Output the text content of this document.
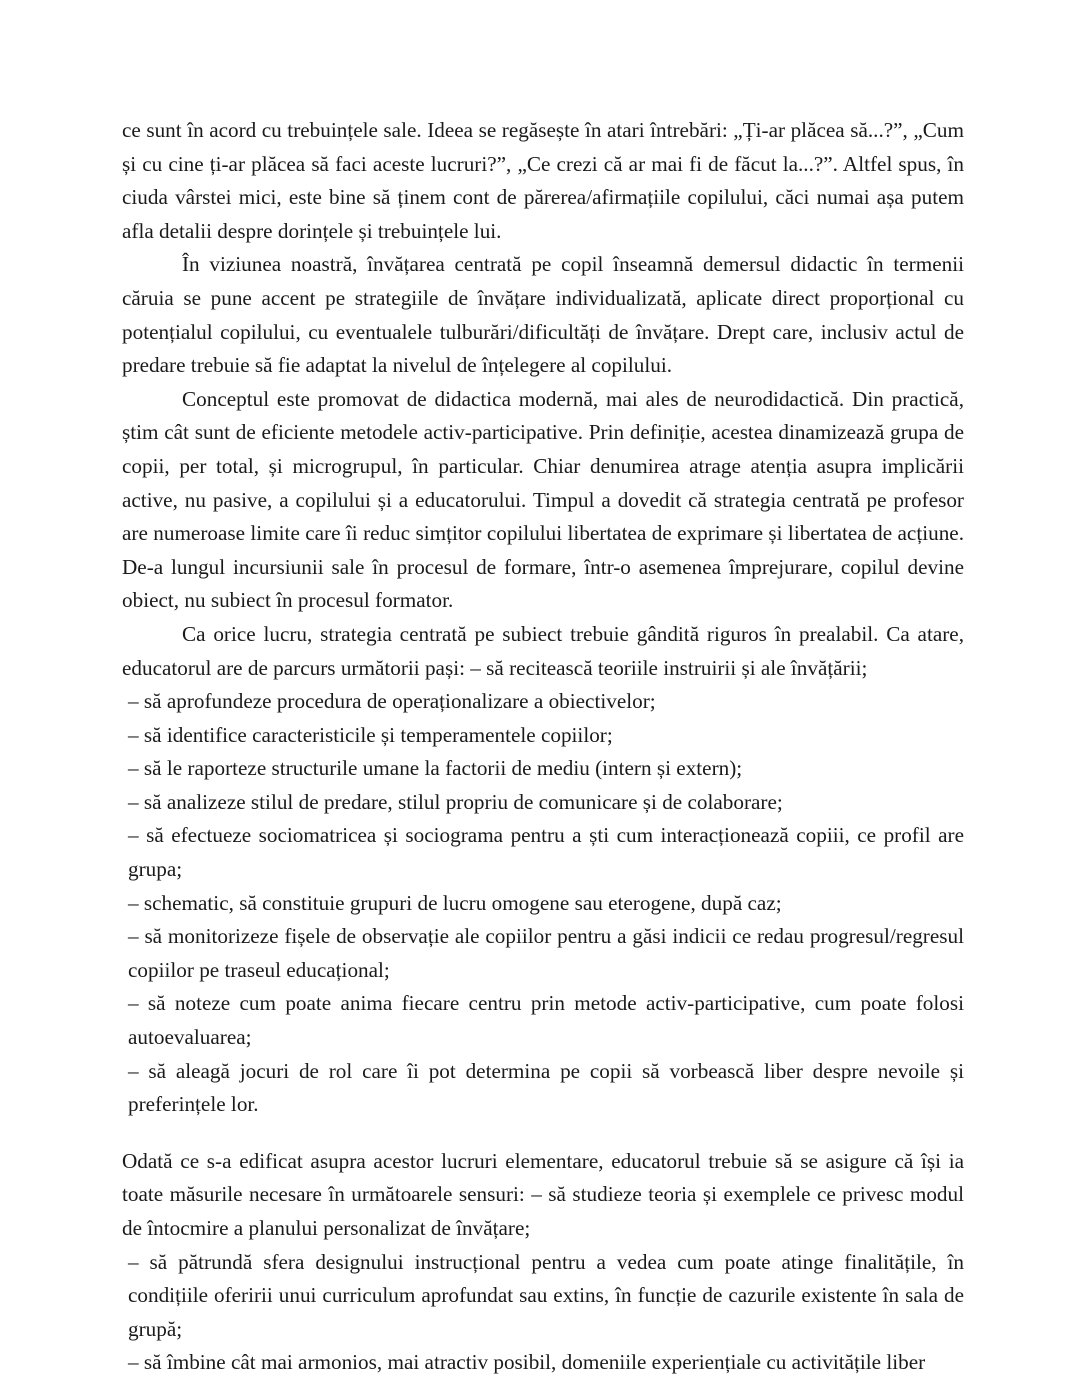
ce sunt în acord cu trebuințele sale. Ideea se regăsește în atari întrebări: „Ți-ar plăcea să...?”, „Cum și cu cine ți-ar plăcea să faci aceste lucruri?”, „Ce crezi că ar mai fi de făcut la...?”. Altfel spus, în ciuda vârstei mici, este bine să ținem cont de părerea/afirmațiile copilului, căci numai așa putem afla detalii despre dorințele și trebuințele lui.

În viziunea noastră, învățarea centrată pe copil înseamnă demersul didactic în termenii căruia se pune accent pe strategiile de învățare individualizată, aplicate direct proporțional cu potențialul copilului, cu eventualele tulburări/dificultăți de învățare. Drept care, inclusiv actul de predare trebuie să fie adaptat la nivelul de înțelegere al copilului.

Conceptul este promovat de didactica modernă, mai ales de neurodidactică. Din practică, știm cât sunt de eficiente metodele activ-participative. Prin definiție, acestea dinamizează grupa de copii, per total, și microgrupul, în particular. Chiar denumirea atrage atenția asupra implicării active, nu pasive, a copilului și a educatorului. Timpul a dovedit că strategia centrată pe profesor are numeroase limite care îi reduc simțitor copilului libertatea de exprimare și libertatea de acțiune. De-a lungul incursiunii sale în procesul de formare, într-o asemenea împrejurare, copilul devine obiect, nu subiect în procesul formator.

Ca orice lucru, strategia centrată pe subiect trebuie gândită riguros în prealabil. Ca atare, educatorul are de parcurs următorii pași: – să recitească teoriile instruirii și ale învățării;

– să aprofundeze procedura de operaționalizare a obiectivelor;

– să identifice caracteristicile și temperamentele copiilor;

– să le raporteze structurile umane la factorii de mediu (intern și extern);

– să analizeze stilul de predare, stilul propriu de comunicare și de colaborare;

– să efectueze sociomatricea și sociograma pentru a ști cum interacționează copiii, ce profil are grupa;

– schematic, să constituie grupuri de lucru omogene sau eterogene, după caz;

– să monitorizeze fișele de observație ale copiilor pentru a găsi indicii ce redau progresul/regresul copiilor pe traseul educațional;

– să noteze cum poate anima fiecare centru prin metode activ-participative, cum poate folosi autoevaluarea;

– să aleagă jocuri de rol care îi pot determina pe copii să vorbească liber despre nevoile și preferințele lor.

Odată ce s-a edificat asupra acestor lucruri elementare, educatorul trebuie să se asigure că își ia toate măsurile necesare în următoarele sensuri: – să studieze teoria și exemplele ce privesc modul de întocmire a planului personalizat de învățare;

– să pătrundă sfera designului instrucțional pentru a vedea cum poate atinge finalitățile, în condițiile oferirii unui curriculum aprofundat sau extins, în funcție de cazurile existente în sala de grupă;

– să îmbine cât mai armonios, mai atractiv posibil, domeniile experiențiale cu activitățile liber
